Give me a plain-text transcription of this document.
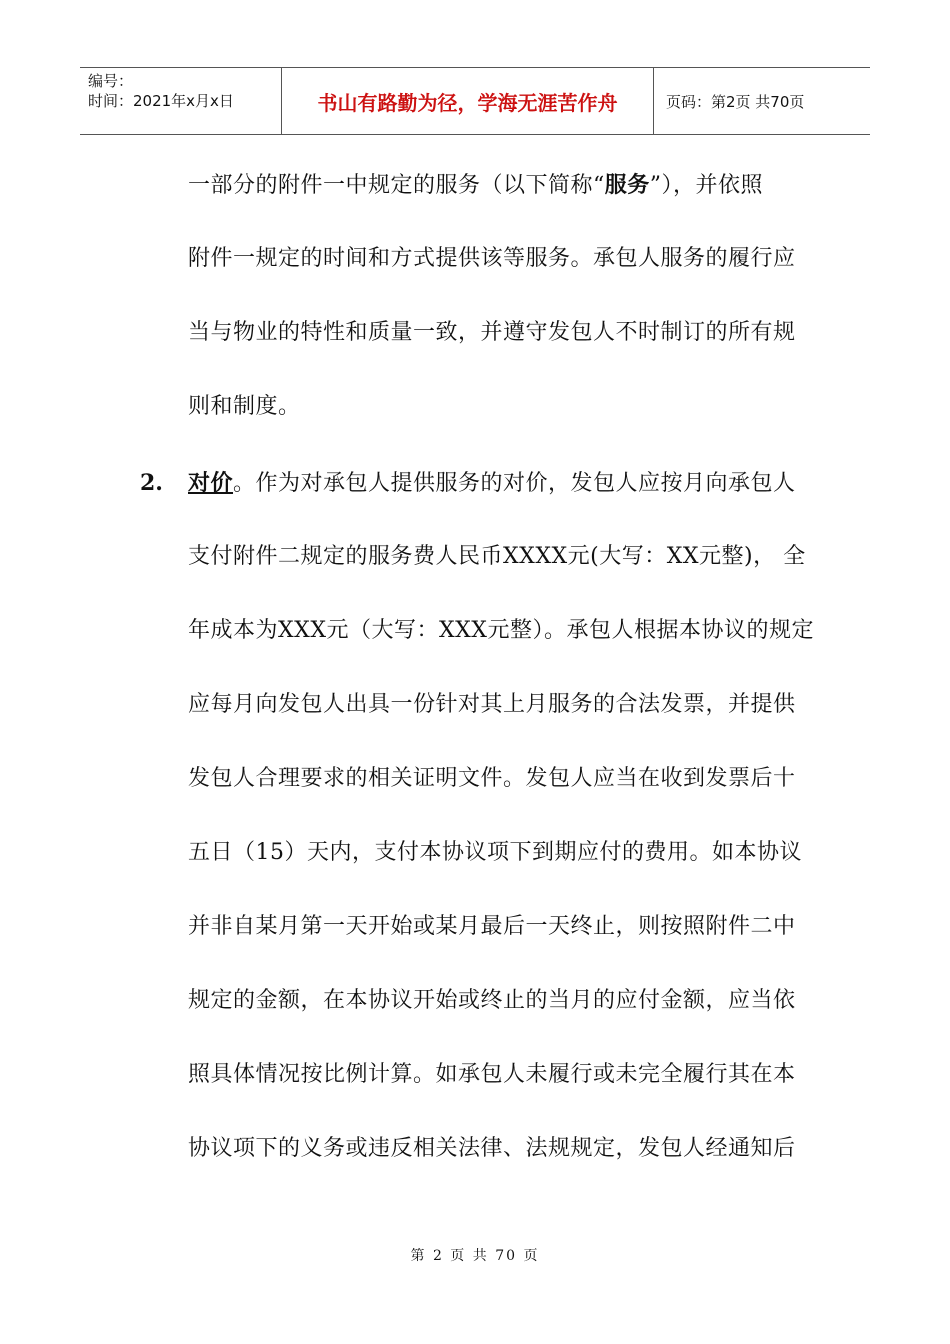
编号：
时间：2021年x月x日	书山有路勤为径，学海无涯苦作舟	页码：第2页 共70页
一部分的附件一中规定的服务（以下简称“服务”），并依照
附件一规定的时间和方式提供该等服务。承包人服务的履行应
当与物业的特性和质量一致，并遵守发包人不时制订的所有规
则和制度。
2. 对价。作为对承包人提供服务的对价，发包人应按月向承包人
支付附件二规定的服务费人民币XXXX元(大写：XX元整)， 全
年成本为XXX元（大写：XXX元整）。承包人根据本协议的规定
应每月向发包人出具一份针对其上月服务的合法发票，并提供
发包人合理要求的相关证明文件。发包人应当在收到发票后十
五日（15）天内，支付本协议项下到期应付的费用。如本协议
并非自某月第一天开始或某月最后一天终止，则按照附件二中
规定的金额，在本协议开始或终止的当月的应付金额，应当依
照具体情况按比例计算。如承包人未履行或未完全履行其在本
协议项下的义务或违反相关法律、法规规定，发包人经通知后
第 2 页 共 70 页
